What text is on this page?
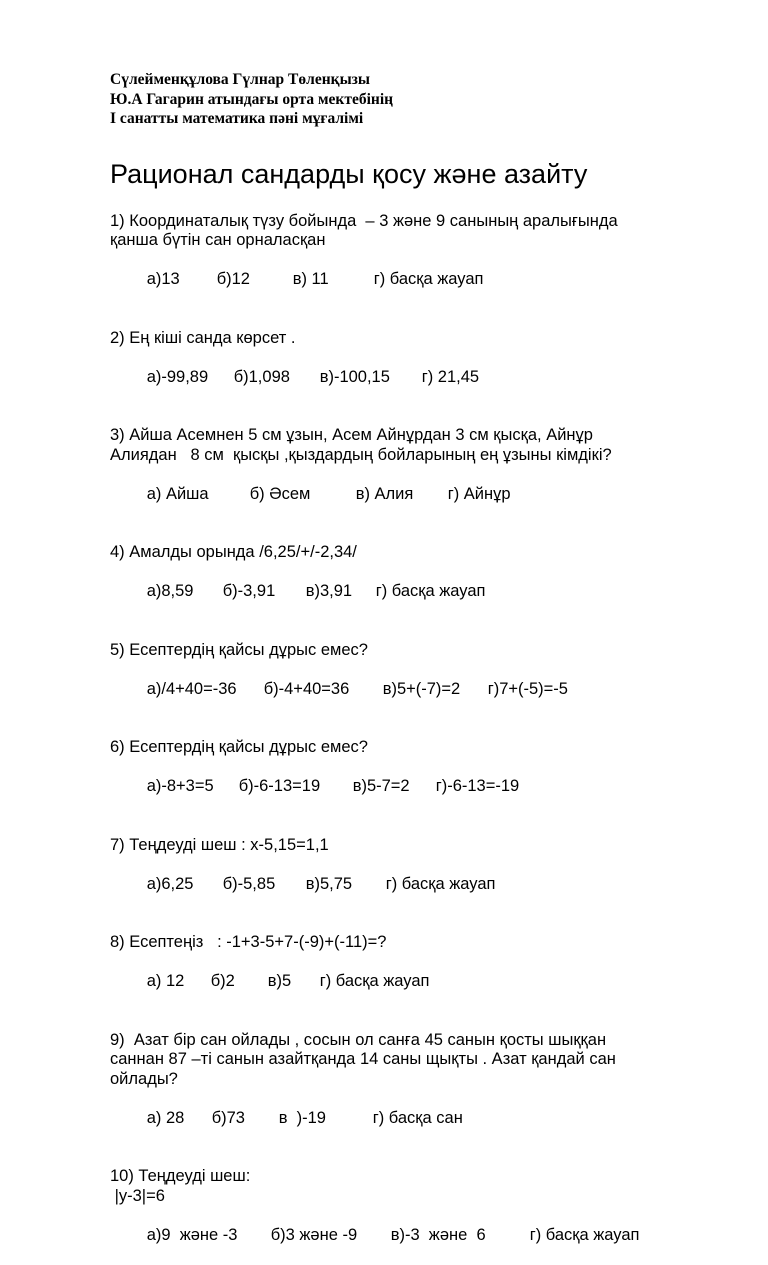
Сүлейменқұлова Гүлнар Төленқызы
Ю.А Гагарин атындағы орта мектебінің
І санатты математика пәні мұғалімі
Рационал сандарды қосу және азайту
1) Координаталық түзу бойында  – 3 және 9 санының аралығында
қанша бүтін сан орналасқан

а)13 б)12	в) 11	г) басқа жауап

2) Ең кіші санда көрсет .

а)-99,89 б)1,098 в)-100,15 г) 21,45

3) Айша Асемнен 5 см ұзын, Асем Айнұрдан 3 см қысқа, Айнұр
Алиядан   8 см  қысқы ,қыздардың бойларының ең ұзыны кімдікі?

а) Айша б) Әсем	в) Алия г) Айнұр

4) Амалды орында /6,25/+/-2,34/

а)8,59 б)-3,91 в)3,91 г) басқа жауап

5) Есептердің қайсы дұрыс емес?

а)/4+40=-36 б)-4+40=36 в)5+(-7)=2 г)7+(-5)=-5

6) Есептердің қайсы дұрыс емес?

а)-8+3=5 б)-6-13=19 в)5-7=2 г)-6-13=-19

7) Теңдеуді шеш : х-5,15=1,1

а)6,25 б)-5,85 в)5,75 г) басқа жауап

8) Есептеңіз   : -1+3-5+7-(-9)+(-11)=?

а) 12 б)2 в)5 г) басқа жауап

9)  Азат бір сан ойлады , сосын ол санға 45 санын қосты шыққан
саннан 87 –ті санын азайтқанда 14 саны щықты . Азат қандай сан
ойлады?

а) 28 б)73 в  )-19	г) басқа сан

10) Теңдеуді шеш:
|у-3|=6

а)9  және -3 б)3 және -9 в)-3  және  6	г) басқа жауап
